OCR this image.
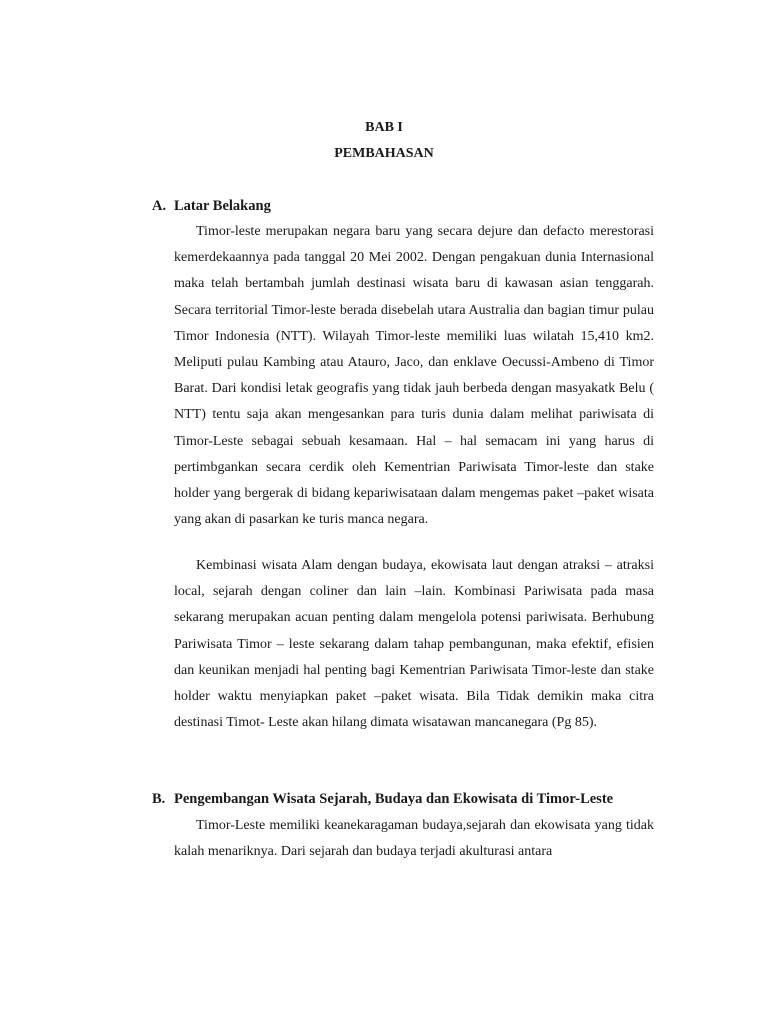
BAB I

PEMBAHASAN

A. Latar Belakang

Timor-leste merupakan negara baru yang secara dejure dan defacto merestorasi kemerdekaannya pada tanggal 20 Mei 2002. Dengan pengakuan dunia Internasional maka telah bertambah jumlah destinasi wisata baru di kawasan asian tenggarah. Secara territorial Timor-leste berada disebelah utara Australia dan bagian timur pulau Timor Indonesia (NTT). Wilayah Timor-leste memiliki luas wilatah 15,410 km2. Meliputi pulau Kambing atau Atauro, Jaco, dan enklave Oecussi-Ambeno di Timor Barat. Dari kondisi letak geografis yang tidak jauh berbeda dengan masyakatk Belu ( NTT) tentu saja akan mengesankan para turis dunia dalam melihat pariwisata di Timor-Leste sebagai sebuah kesamaan. Hal – hal semacam ini yang harus di pertimbgankan secara cerdik oleh Kementrian Pariwisata Timor-leste dan stake holder yang bergerak di bidang kepariwisataan dalam mengemas paket –paket wisata yang akan di pasarkan ke turis manca negara.

Kembinasi wisata Alam dengan budaya, ekowisata laut dengan atraksi – atraksi local, sejarah dengan coliner dan lain –lain. Kombinasi Pariwisata pada masa sekarang merupakan acuan penting dalam mengelola potensi pariwisata. Berhubung Pariwisata Timor – leste sekarang dalam tahap pembangunan, maka efektif, efisien dan keunikan menjadi hal penting bagi Kementrian Pariwisata Timor-leste dan stake holder waktu menyiapkan paket –paket wisata. Bila Tidak demikin maka citra destinasi Timot- Leste akan hilang dimata wisatawan mancanegara (Pg 85).

B. Pengembangan Wisata Sejarah, Budaya dan Ekowisata di Timor-Leste

Timor-Leste memiliki keanekaragaman budaya,sejarah dan ekowisata yang tidak kalah menariknya. Dari sejarah dan budaya terjadi akulturasi antara
